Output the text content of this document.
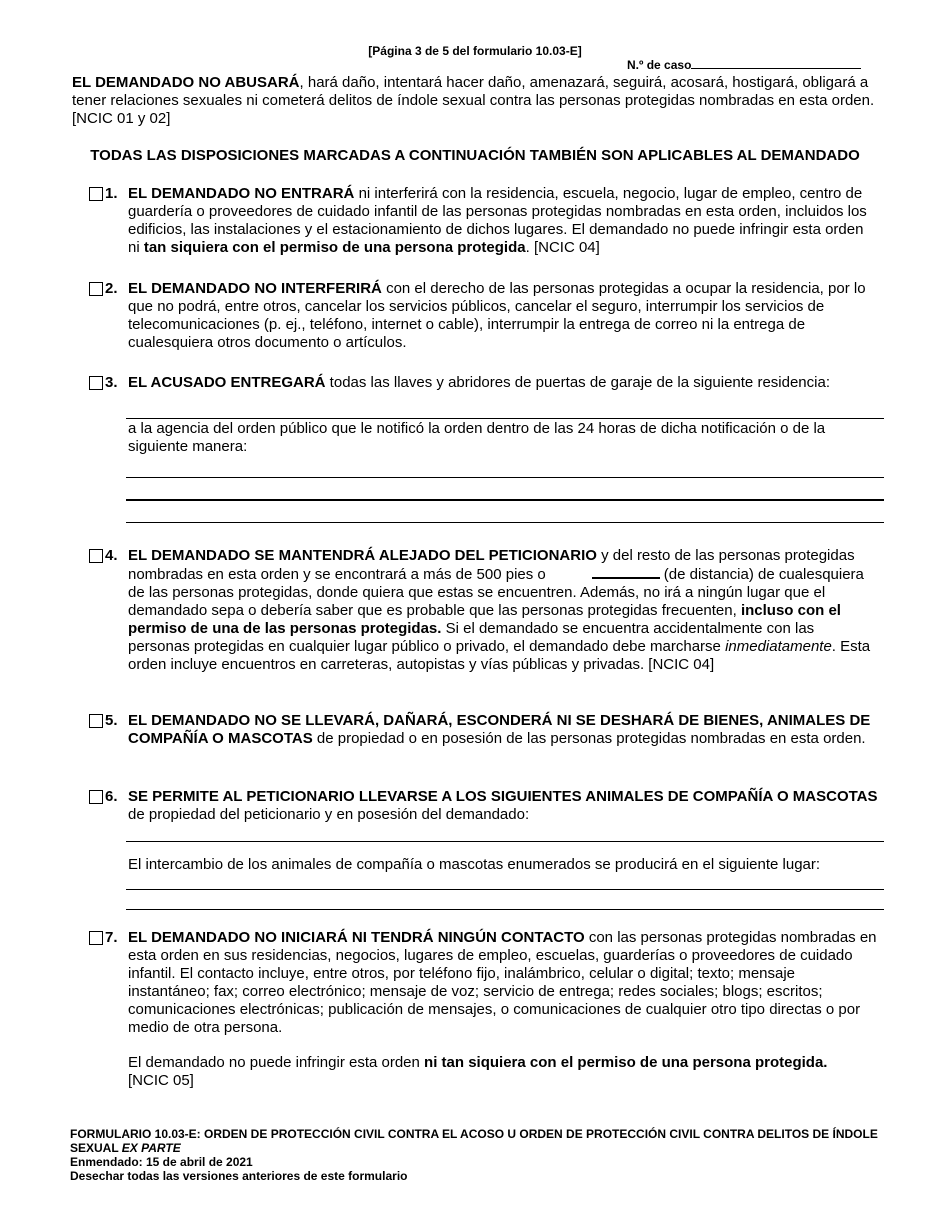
[Página 3 de 5 del formulario 10.03-E]
N.º de caso
EL DEMANDADO NO ABUSARÁ, hará daño, intentará hacer daño, amenazará, seguirá, acosará, hostigará, obligará a tener relaciones sexuales ni cometerá delitos de índole sexual contra las personas protegidas nombradas en esta orden. [NCIC 01 y 02]
TODAS LAS DISPOSICIONES MARCADAS A CONTINUACIÓN TAMBIÉN SON APLICABLES AL DEMANDADO
1. EL DEMANDADO NO ENTRARÁ ni interferirá con la residencia, escuela, negocio, lugar de empleo, centro de guardería o proveedores de cuidado infantil de las personas protegidas nombradas en esta orden, incluidos los edificios, las instalaciones y el estacionamiento de dichos lugares. El demandado no puede infringir esta orden ni tan siquiera con el permiso de una persona protegida. [NCIC 04]
2. EL DEMANDADO NO INTERFERIRÁ con el derecho de las personas protegidas a ocupar la residencia, por lo que no podrá, entre otros, cancelar los servicios públicos, cancelar el seguro, interrumpir los servicios de telecomunicaciones (p. ej., teléfono, internet o cable), interrumpir la entrega de correo ni la entrega de cualesquiera otros documento o artículos.
3. EL ACUSADO ENTREGARÁ todas las llaves y abridores de puertas de garaje de la siguiente residencia:
a la agencia del orden público que le notificó la orden dentro de las 24 horas de dicha notificación o de la siguiente manera:
4. EL DEMANDADO SE MANTENDRÁ ALEJADO DEL PETICIONARIO y del resto de las personas protegidas nombradas en esta orden y se encontrará a más de 500 pies o	(de distancia) de cualesquiera de las personas protegidas, donde quiera que estas se encuentren. Además, no irá a ningún lugar que el demandado sepa o debería saber que es probable que las personas protegidas frecuenten, incluso con el permiso de una de las personas protegidas. Si el demandado se encuentra accidentalmente con las personas protegidas en cualquier lugar público o privado, el demandado debe marcharse inmediatamente. Esta orden incluye encuentros en carreteras, autopistas y vías públicas y privadas. [NCIC 04]
5. EL DEMANDADO NO SE LLEVARÁ, DAÑARÁ, ESCONDERÁ NI SE DESHARÁ DE BIENES, ANIMALES DE COMPAÑÍA O MASCOTAS de propiedad o en posesión de las personas protegidas nombradas en esta orden.
6. SE PERMITE AL PETICIONARIO LLEVARSE A LOS SIGUIENTES ANIMALES DE COMPAÑÍA O MASCOTAS de propiedad del peticionario y en posesión del demandado:
El intercambio de los animales de compañía o mascotas enumerados se producirá en el siguiente lugar:
7. EL DEMANDADO NO INICIARÁ NI TENDRÁ NINGÚN CONTACTO con las personas protegidas nombradas en esta orden en sus residencias, negocios, lugares de empleo, escuelas, guarderías o proveedores de cuidado infantil. El contacto incluye, entre otros, por teléfono fijo, inalámbrico, celular o digital; texto; mensaje instantáneo; fax; correo electrónico; mensaje de voz; servicio de entrega; redes sociales; blogs; escritos; comunicaciones electrónicas; publicación de mensajes, o comunicaciones de cualquier otro tipo directas o por medio de otra persona.
El demandado no puede infringir esta orden ni tan siquiera con el permiso de una persona protegida.
[NCIC 05]
FORMULARIO 10.03-E: ORDEN DE PROTECCIÓN CIVIL CONTRA EL ACOSO U ORDEN DE PROTECCIÓN CIVIL CONTRA DELITOS DE ÍNDOLE SEXUAL EX PARTE
Enmendado: 15 de abril de 2021
Desechar todas las versiones anteriores de este formulario
